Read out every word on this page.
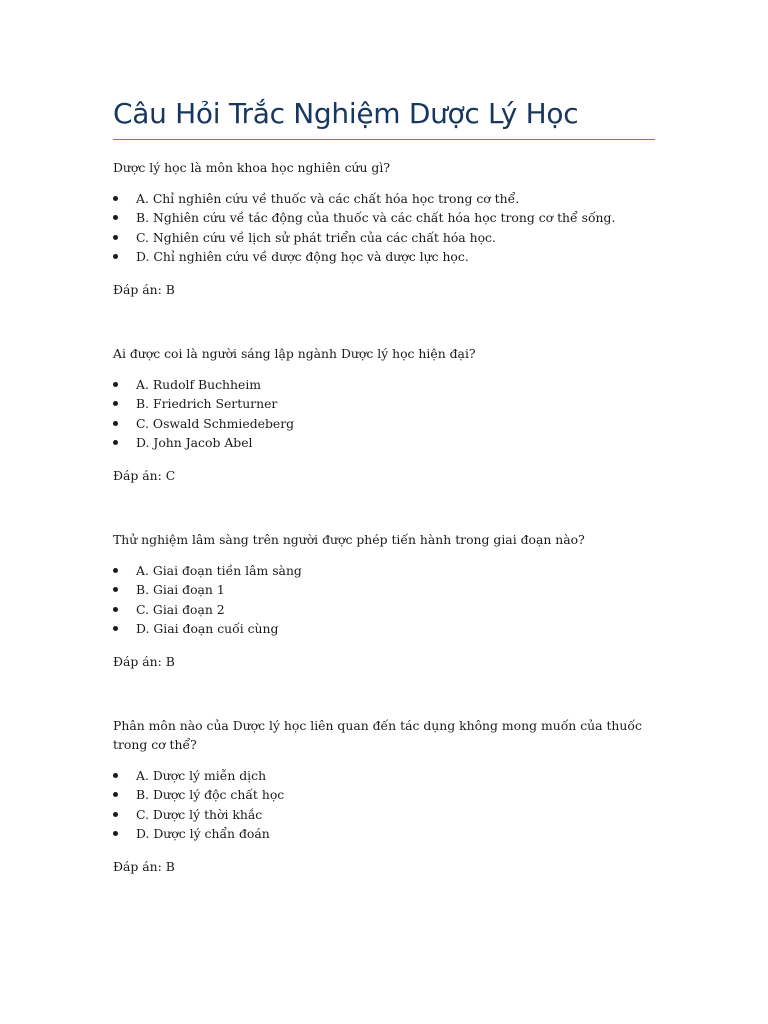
Câu Hỏi Trắc Nghiệm Dược Lý Học

Dược lý học là môn khoa học nghiên cứu gì?

A. Chỉ nghiên cứu về thuốc và các chất hóa học trong cơ thể.
B. Nghiên cứu về tác động của thuốc và các chất hóa học trong cơ thể sống.
C. Nghiên cứu về lịch sử phát triển của các chất hóa học.
D. Chỉ nghiên cứu về dược động học và dược lực học.

Đáp án: B

Ai được coi là người sáng lập ngành Dược lý học hiện đại?

A. Rudolf Buchheim
B. Friedrich Serturner
C. Oswald Schmiedeberg
D. John Jacob Abel

Đáp án: C

Thử nghiệm lâm sàng trên người được phép tiến hành trong giai đoạn nào?

A. Giai đoạn tiền lâm sàng
B. Giai đoạn 1
C. Giai đoạn 2
D. Giai đoạn cuối cùng

Đáp án: B

Phân môn nào của Dược lý học liên quan đến tác dụng không mong muốn của thuốc trong cơ thể?

A. Dược lý miễn dịch
B. Dược lý độc chất học
C. Dược lý thời khắc
D. Dược lý chẩn đoán

Đáp án: B
